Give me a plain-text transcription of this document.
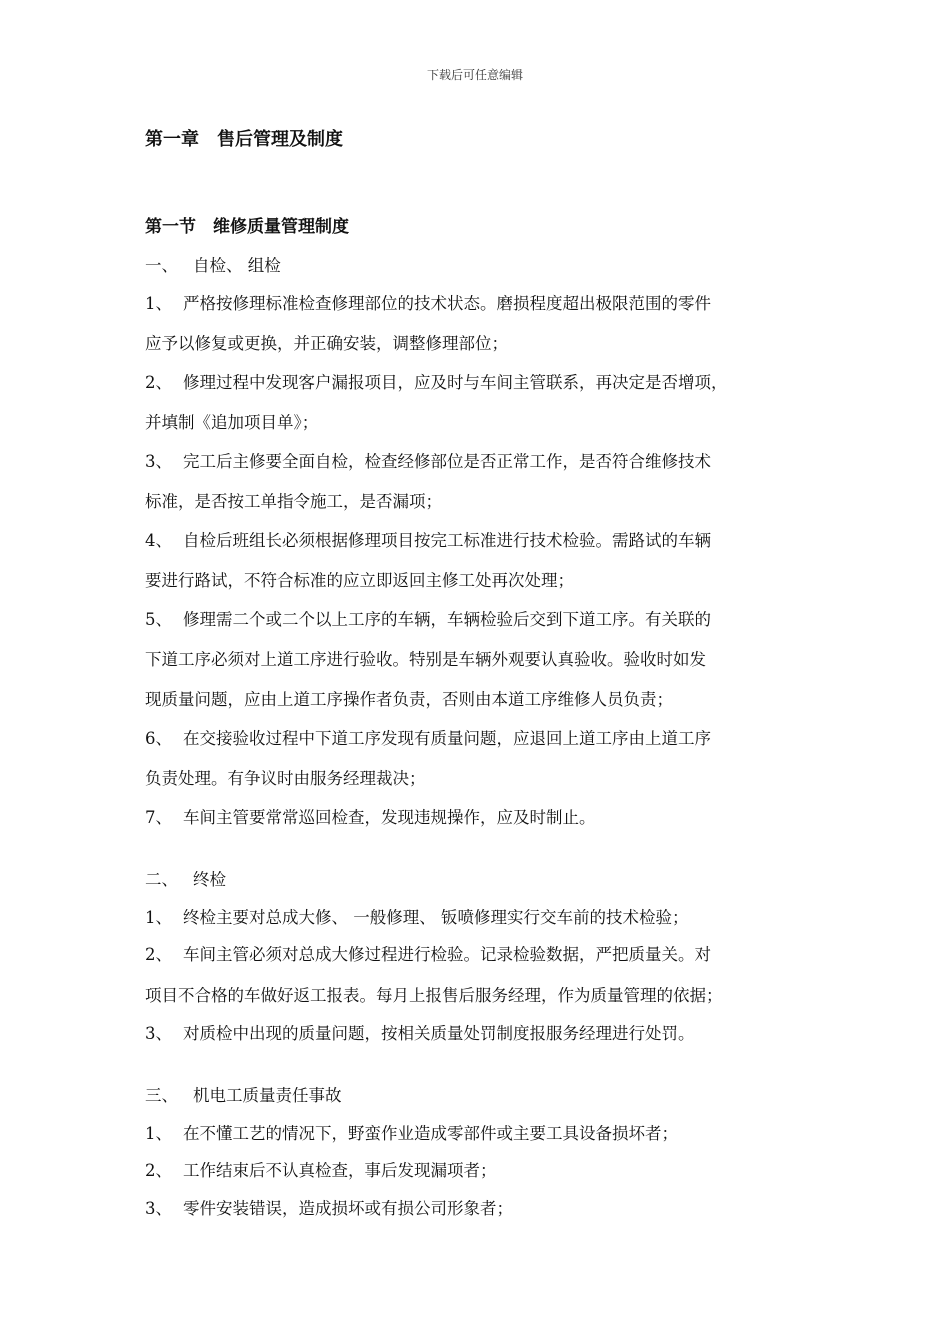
下载后可任意编辑
第一章　售后管理及制度
第一节　维修质量管理制度
一、 自检、 组检
1、 严格按修理标准检查修理部位的技术状态。磨损程度超出极限范围的零件
应予以修复或更换，并正确安装，调整修理部位；
2、 修理过程中发现客户漏报项目，应及时与车间主管联系，再决定是否增项，
并填制《追加项目单》；
3、 完工后主修要全面自检，检查经修部位是否正常工作，是否符合维修技术
标准，是否按工单指令施工，是否漏项；
4、 自检后班组长必须根据修理项目按完工标准进行技术检验。需路试的车辆
要进行路试，不符合标准的应立即返回主修工处再次处理；
5、 修理需二个或二个以上工序的车辆，车辆检验后交到下道工序。有关联的
下道工序必须对上道工序进行验收。特别是车辆外观要认真验收。验收时如发
现质量问题，应由上道工序操作者负责，否则由本道工序维修人员负责；
6、 在交接验收过程中下道工序发现有质量问题，应退回上道工序由上道工序
负责处理。有争议时由服务经理裁决；
7、 车间主管要常常巡回检查，发现违规操作，应及时制止。
二、 终检
1、 终检主要对总成大修、 一般修理、 钣喷修理实行交车前的技术检验；
2、 车间主管必须对总成大修过程进行检验。记录检验数据，严把质量关。对
项目不合格的车做好返工报表。每月上报售后服务经理，作为质量管理的依据；
3、 对质检中出现的质量问题，按相关质量处罚制度报服务经理进行处罚。
三、 机电工质量责任事故
1、 在不懂工艺的情况下，野蛮作业造成零部件或主要工具设备损坏者；
2、 工作结束后不认真检查，事后发现漏项者；
3、 零件安装错误，造成损坏或有损公司形象者；
